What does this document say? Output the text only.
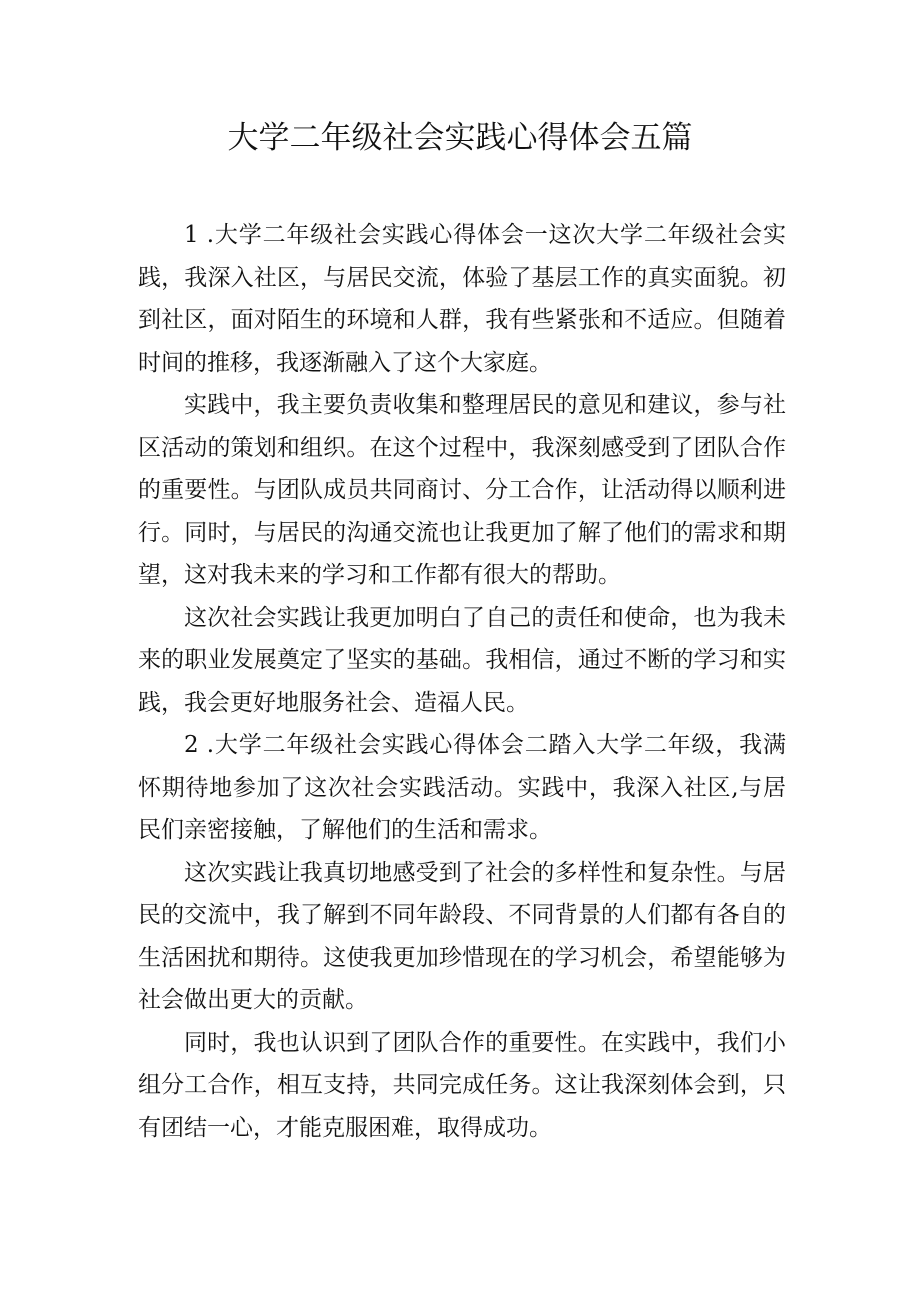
大学二年级社会实践心得体会五篇

1 .大学二年级社会实践心得体会一这次大学二年级社会实践，我深入社区，与居民交流，体验了基层工作的真实面貌。初到社区，面对陌生的环境和人群，我有些紧张和不适应。但随着时间的推移，我逐渐融入了这个大家庭。

实践中，我主要负责收集和整理居民的意见和建议，参与社区活动的策划和组织。在这个过程中，我深刻感受到了团队合作的重要性。与团队成员共同商讨、分工合作，让活动得以顺利进行。同时，与居民的沟通交流也让我更加了解了他们的需求和期望，这对我未来的学习和工作都有很大的帮助。

这次社会实践让我更加明白了自己的责任和使命，也为我未来的职业发展奠定了坚实的基础。我相信，通过不断的学习和实践，我会更好地服务社会、造福人民。

2 .大学二年级社会实践心得体会二踏入大学二年级，我满怀期待地参加了这次社会实践活动。实践中，我深入社区,与居民们亲密接触，了解他们的生活和需求。

这次实践让我真切地感受到了社会的多样性和复杂性。与居民的交流中，我了解到不同年龄段、不同背景的人们都有各自的生活困扰和期待。这使我更加珍惜现在的学习机会，希望能够为社会做出更大的贡献。

同时，我也认识到了团队合作的重要性。在实践中，我们小组分工合作，相互支持，共同完成任务。这让我深刻体会到，只有团结一心，才能克服困难，取得成功。
